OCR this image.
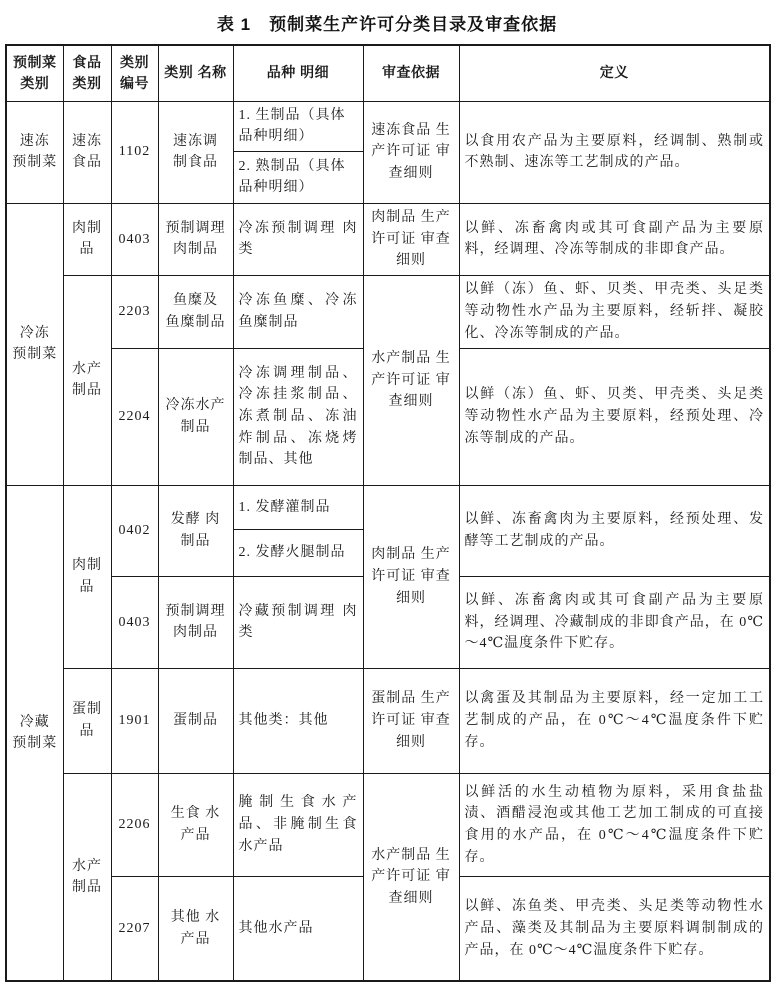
表 1　预制菜生产许可分类目录及审查依据
预制菜 类别	食品 类别	类别 编号	类别 名称	品种 明细	审查依据	定义
速冻 预制菜	速冻 食品	1102	速冻调 制食品	1. 生制品（具体品种明细）	速冻食品 生产许可证 审查细则	以食用农产品为主要原料，经调制、熟制或不熟制、速冻等工艺制成的产品。
				2. 熟制品（具体品种明细）		
冷冻 预制菜	肉制 品	0403	预制调理 肉制品	冷冻预制调理 肉类	肉制品 生产许可证 审查细则	以鲜、冻畜禽肉或其可食副产品为主要原料，经调理、冷冻等制成的非即食产品。
	水产 制品	2203	鱼糜及 鱼糜制品	冷冻鱼糜、冷冻鱼糜制品	水产制品 生产许可证 审查细则	以鲜（冻）鱼、虾、贝类、甲壳类、头足类等动物性水产品为主要原料，经斩拌、凝胶化、冷冻等制成的产品。
		2204	冷冻水产 制品	冷冻调理制品、冷冻挂浆制品、冻煮制品、冻油炸制品、冻烧烤制品、其他		以鲜（冻）鱼、虾、贝类、甲壳类、头足类等动物性水产品为主要原料，经预处理、冷冻等制成的产品。
冷藏 预制菜	肉制 品	0402	发酵 肉制品	1. 发酵灌制品	肉制品 生产许可证 审查细则	以鲜、冻畜禽肉为主要原料，经预处理、发酵等工艺制成的产品。
				2. 发酵火腿制品		
		0403	预制调理 肉制品	冷藏预制调理 肉类		以鲜、冻畜禽肉或其可食副产品为主要原料，经调理、冷藏制成的非即食产品，在 0℃～4℃温度条件下贮存。
	蛋制 品	1901	蛋制品	其他类：其他	蛋制品 生产许可证 审查细则	以禽蛋及其制品为主要原料，经一定加工工艺制成的产品，在 0℃～4℃温度条件下贮存。
	水产 制品	2206	生食 水产品	腌制生食水产品、非腌制生食水产品	水产制品 生产许可证 审查细则	以鲜活的水生动植物为原料，采用食盐盐渍、酒醋浸泡或其他工艺加工制成的可直接食用的水产品，在 0℃～4℃温度条件下贮存。
		2207	其他 水产品	其他水产品		以鲜、冻鱼类、甲壳类、头足类等动物性水产品、藻类及其制品为主要原料调制制成的产品，在 0℃～4℃温度条件下贮存。
